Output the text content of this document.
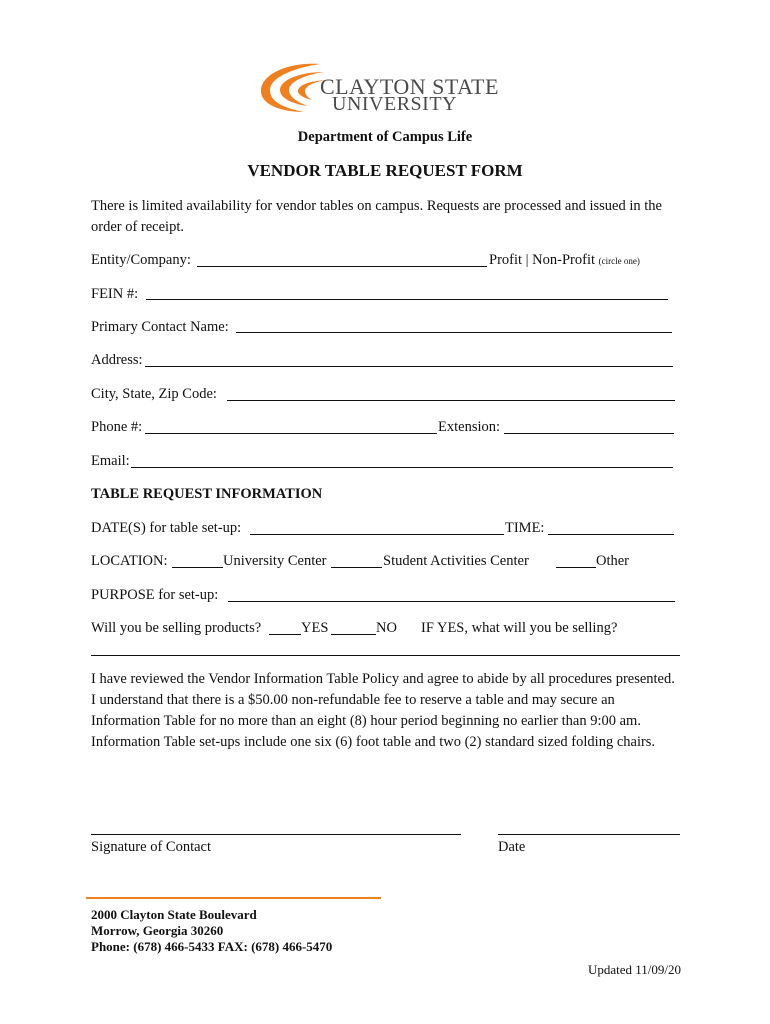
CLAYTON STATE
UNIVERSITY
Department of Campus Life
VENDOR TABLE REQUEST FORM
There is limited availability for vendor tables on campus. Requests are processed and issued in the order of receipt.
Entity/Company:	Profit | Non-Profit (circle one)
FEIN #:
Primary Contact Name:
Address:
City, State, Zip Code:
Phone #:	Extension:
Email:
TABLE REQUEST INFORMATION
DATE(S) for table set-up:	TIME:
LOCATION:	University Center	Student Activities Center	Other
PURPOSE for set-up:
Will you be selling products?	YES	NO IF YES, what will you be selling?
I have reviewed the Vendor Information Table Policy and agree to abide by all procedures presented. I understand that there is a $50.00 non-refundable fee to reserve a table and may secure an Information Table for no more than an eight (8) hour period beginning no earlier than 9:00 am. Information Table set-ups include one six (6) foot table and two (2) standard sized folding chairs.
Signature of Contact	Date
2000 Clayton State Boulevard
Morrow, Georgia 30260
Phone: (678) 466-5433 FAX: (678) 466-5470
Updated 11/09/20
